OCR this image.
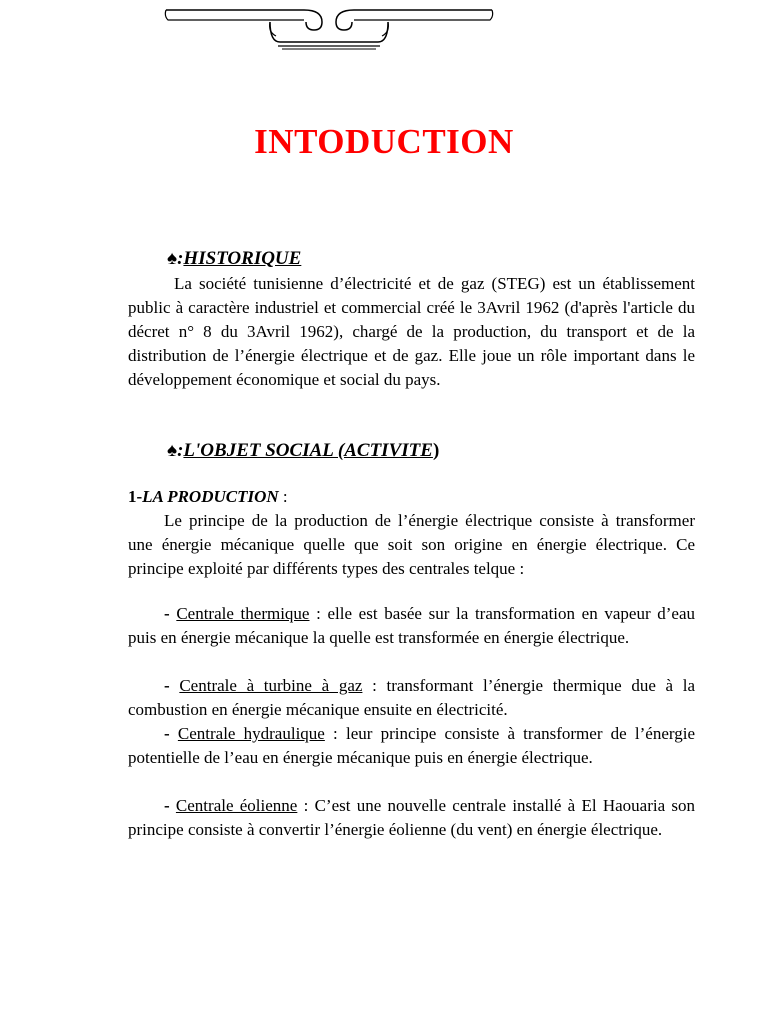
INTODUCTION
♠:HISTORIQUE
La société tunisienne d’électricité et de gaz (STEG) est un établissement public à caractère industriel et commercial créé le 3Avril 1962 (d'après l'article du décret n° 8 du 3Avril 1962), chargé de la production, du transport et de la distribution de l’énergie électrique et de gaz. Elle joue un rôle important dans le développement économique et social du pays.
♠:L'OBJET SOCIAL (ACTIVITE)
1-LA PRODUCTION :
Le principe de la production de l’énergie électrique consiste à transformer une énergie mécanique quelle que soit son origine en énergie électrique. Ce principe exploité par différents types des centrales telque :
- Centrale thermique : elle est basée sur la transformation en vapeur d’eau puis en énergie mécanique la quelle est transformée en énergie électrique.
- Centrale à turbine à gaz : transformant l’énergie thermique due à la combustion en énergie mécanique ensuite en électricité.
- Centrale hydraulique : leur principe consiste à transformer de l’énergie potentielle de l’eau en énergie mécanique puis en énergie électrique.
- Centrale éolienne : C’est une nouvelle centrale installé à El Haouaria son principe consiste à convertir l’énergie éolienne (du vent) en énergie électrique.
